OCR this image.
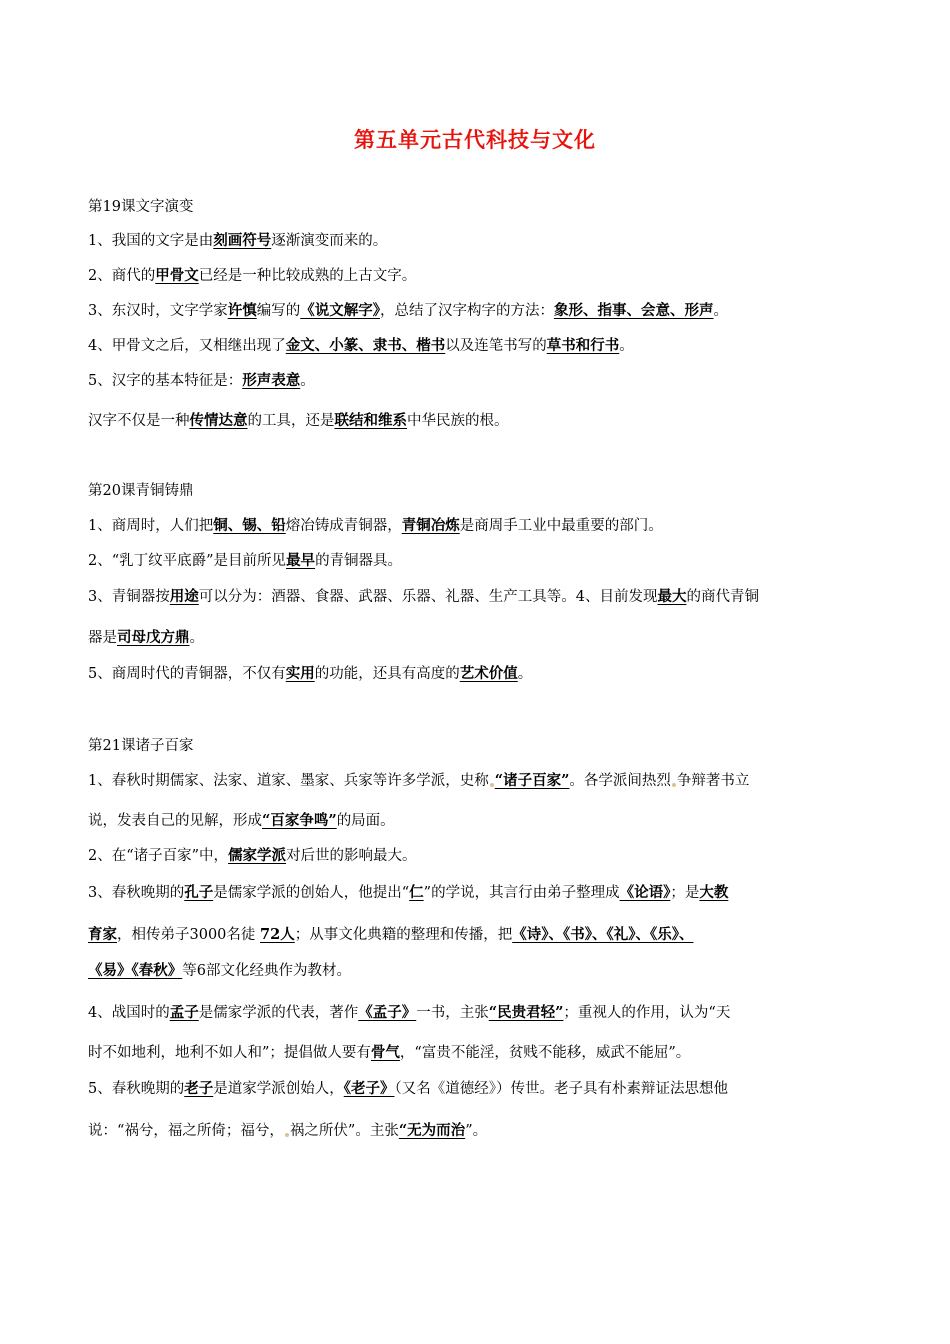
第五单元古代科技与文化
第19课文字演变
1、我国的文字是由刻画符号逐渐演变而来的。
2、商代的甲骨文已经是一种比较成熟的上古文字。
3、东汉时，文字学家许慎编写的《说文解字》，总结了汉字构字的方法：象形、指事、会意、形声。
4、甲骨文之后，又相继出现了金文、小篆、隶书、楷书以及连笔书写的草书和行书。
5、汉字的基本特征是：形声表意。
汉字不仅是一种传情达意的工具，还是联结和维系中华民族的根。
第20课青铜铸鼎
1、商周时，人们把铜、锡、铅熔冶铸成青铜器，青铜冶炼是商周手工业中最重要的部门。
2、“乳丁纹平底爵”是目前所见最早的青铜器具。
3、青铜器按用途可以分为：酒器、食器、武器、乐器、礼器、生产工具等。4、目前发现最大的商代青铜
器是司母戊方鼎。
5、商周时代的青铜器，不仅有实用的功能，还具有高度的艺术价值。
第21课诸子百家
1、春秋时期儒家、法家、道家、墨家、兵家等许多学派，史称 “诸子百家”。各学派间热烈 争辩著书立
说，发表自己的见解，形成“百家争鸣”的局面。
2、在“诸子百家”中，儒家学派对后世的影响最大。
3、春秋晚期的孔子是儒家学派的创始人，他提出“仁”的学说，其言行由弟子整理成《论语》；是大教
育家，相传弟子3000名徒 72人；从事文化典籍的整理和传播，把《诗》、《书》、《礼》、《乐》、
《易》《春秋》等6部文化经典作为教材。
4、战国时的孟子是儒家学派的代表，著作《孟子》一书，主张“民贵君轻”；重视人的作用，认为“天
时不如地利，地利不如人和”；提倡做人要有骨气，“富贵不能淫，贫贱不能移，威武不能屈”。
5、春秋晚期的老子是道家学派创始人，《老子》（又名《道德经》）传世。老子具有朴素辩证法思想他
说：“祸兮，福之所倚；福兮， 祸之所伏”。主张“无为而治”。
